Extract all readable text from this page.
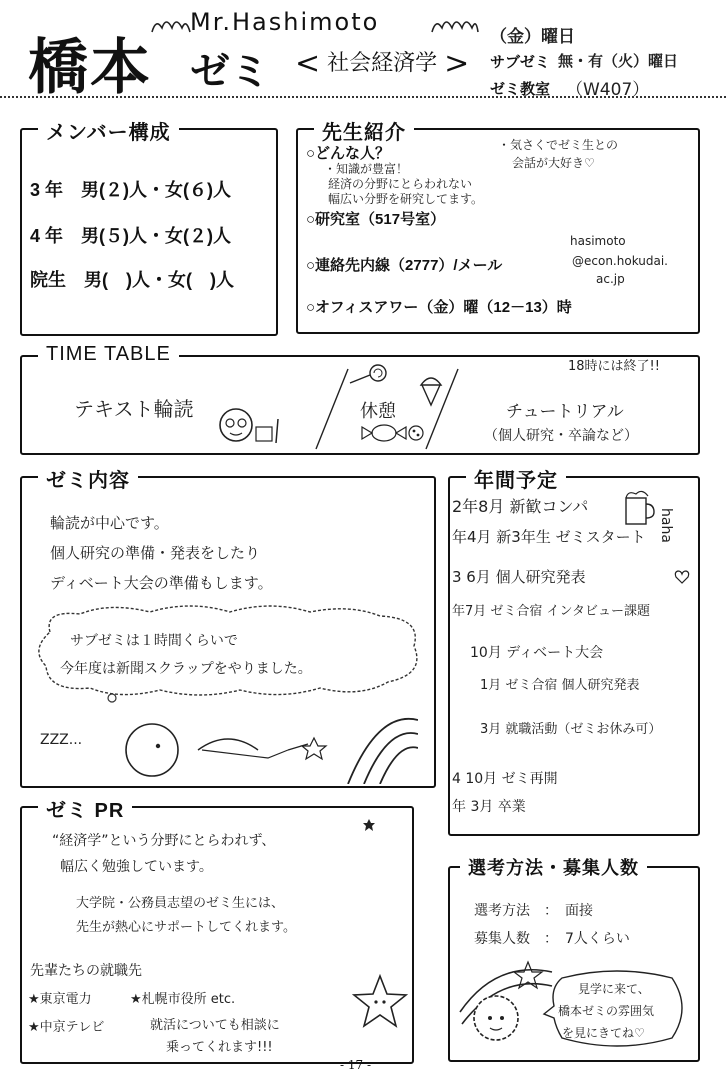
橋本
Mr.Hashimoto
ゼミ < 社会経済学 >
（金）曜日
サブゼミ 無・有（火）曜日
ゼミ教室 （W407）
メンバー構成
3 年　男(２)人・女(６)人
4 年　男(５)人・女(２)人
院生　男(　)人・女(　)人
先生紹介
○どんな人？
・知識が豊富！
経済の分野にとらわれない
幅広い分野を研究してます。
・気さくでゼミ生との
会話が大好き♡
○研究室（517号室）
○連絡先内線（2777）/メール
hasimoto
@econ.hokudai.
ac.jp
○オフィスアワー（金）曜（12－13）時
TIME TABLE
18時には終了!!
テキスト輪読	休憩	チュートリアル
（個人研究・卒論など）
ゼミ内容
輪読が中心です。
個人研究の準備・発表をしたり
ディベート大会の準備もします。
サブゼミは１時間くらいで
今年度は新聞スクラップをやりました。
ZZZ...
年間予定
2年8月 新歓コンパ
年4月 新3年生 ゼミスタート
3 6月 個人研究発表
年7月 ゼミ合宿 インタビュー課題
10月 ディベート大会
1月 ゼミ合宿 個人研究発表
3月 就職活動（ゼミお休み可）
4 10月 ゼミ再開
年 3月 卒業
haha
ゼミ PR
“経済学”という分野にとらわれず、
幅広く勉強しています。
大学院・公務員志望のゼミ生には、
先生が熱心にサポートしてくれます。
先輩たちの就職先
★東京電力	★札幌市役所 etc.
★中京テレビ	就活についても相談に
乗ってくれます!!!
選考方法・募集人数
選考方法　：　面接
募集人数　：　7人くらい
見学に来て、
橋本ゼミの雰囲気
を見にきてね♡
- 17 -
